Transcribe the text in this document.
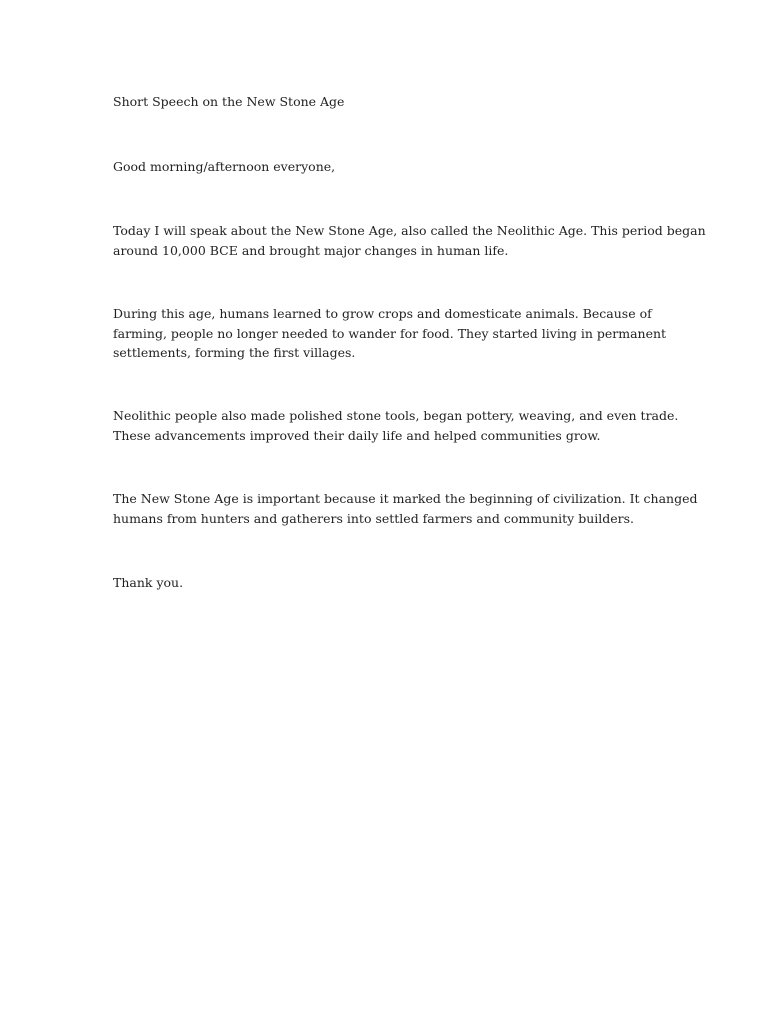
Short Speech on the New Stone Age

Good morning/afternoon everyone,

Today I will speak about the New Stone Age, also called the Neolithic Age. This period began
around 10,000 BCE and brought major changes in human life.

During this age, humans learned to grow crops and domesticate animals. Because of
farming, people no longer needed to wander for food. They started living in permanent
settlements, forming the first villages.

Neolithic people also made polished stone tools, began pottery, weaving, and even trade.
These advancements improved their daily life and helped communities grow.

The New Stone Age is important because it marked the beginning of civilization. It changed
humans from hunters and gatherers into settled farmers and community builders.

Thank you.
